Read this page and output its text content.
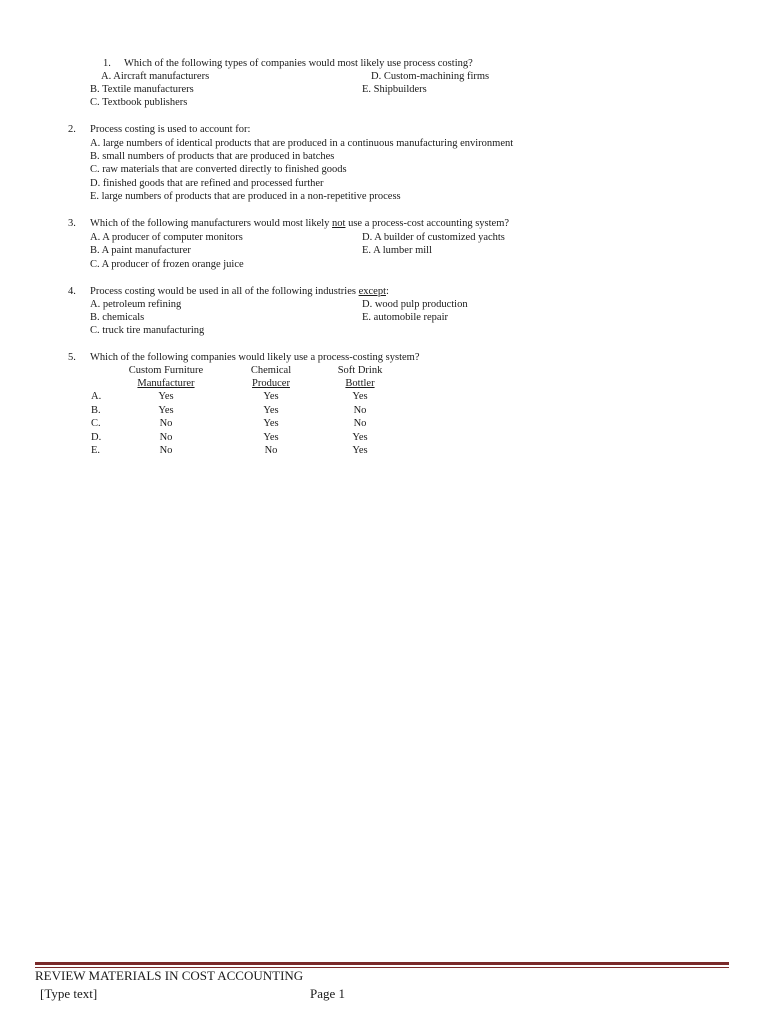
1. Which of the following types of companies would most likely use process costing?
A. Aircraft manufacturers	D. Custom-machining firms
B. Textile manufacturers	E. Shipbuilders
C. Textbook publishers
2. Process costing is used to account for:
A. large numbers of identical products that are produced in a continuous manufacturing environment
B. small numbers of products that are produced in batches
C. raw materials that are converted directly to finished goods
D. finished goods that are refined and processed further
E. large numbers of products that are produced in a non-repetitive process
3. Which of the following manufacturers would most likely not use a process-cost accounting system?
A. A producer of computer monitors	D. A builder of customized yachts
B. A paint manufacturer	E. A lumber mill
C. A producer of frozen orange juice
4. Process costing would be used in all of the following industries except:
A. petroleum refining	D. wood pulp production
B. chemicals	E. automobile repair
C. truck tire manufacturing
5. Which of the following companies would likely use a process-costing system?
Custom Furniture	Chemical	Soft Drink
Manufacturer	Producer	Bottler
A.	Yes	Yes	Yes
B.	Yes	Yes	No
C.	No	Yes	No
D.	No	Yes	Yes
E.	No	No	Yes
REVIEW MATERIALS IN COST ACCOUNTING
[Type text]	Page 1
